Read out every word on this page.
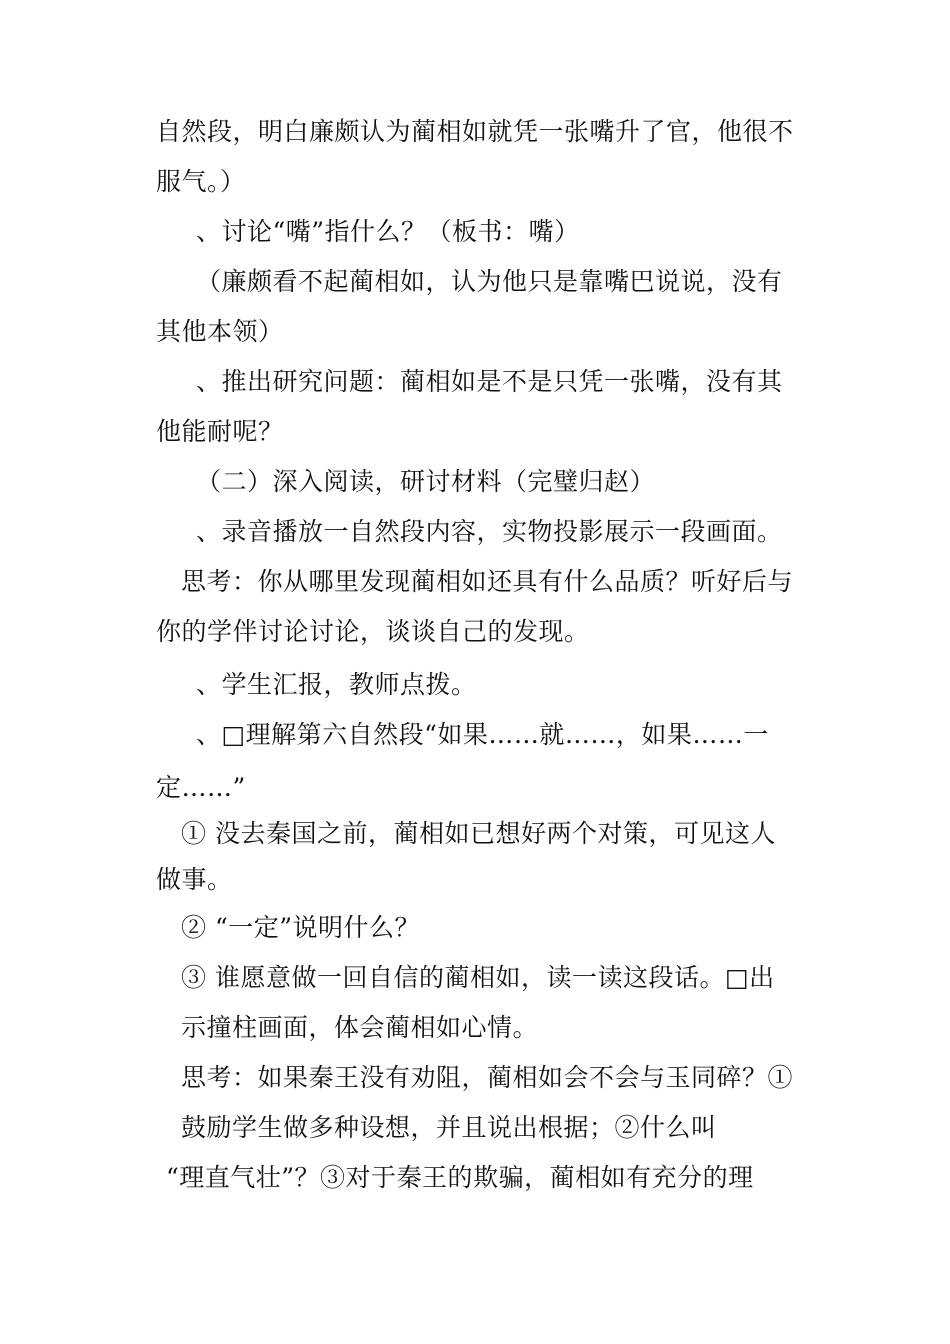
自然段，明白廉颇认为蔺相如就凭一张嘴升了官，他很不
服气。）
、讨论“嘴”指什么？（板书：嘴）
（廉颇看不起蔺相如，认为他只是靠嘴巴说说，没有
其他本领）
、推出研究问题：蔺相如是不是只凭一张嘴，没有其
他能耐呢？
（二）深入阅读，研讨材料（完璧归赵）
、录音播放一自然段内容，实物投影展示一段画面。
思考：你从哪里发现蔺相如还具有什么品质？听好后与
你的学伴讨论讨论，谈谈自己的发现。
、学生汇报，教师点拨。
、□理解第六自然段“如果……就……，如果……一
定……”
① 没去秦国之前，蔺相如已想好两个对策，可见这人
做事。
② “一定”说明什么？
③ 谁愿意做一回自信的蔺相如，读一读这段话。□出
示撞柱画面，体会蔺相如心情。
思考：如果秦王没有劝阻，蔺相如会不会与玉同碎？①
鼓励学生做多种设想，并且说出根据；②什么叫
“理直气壮”？③对于秦王的欺骗，蔺相如有充分的理
